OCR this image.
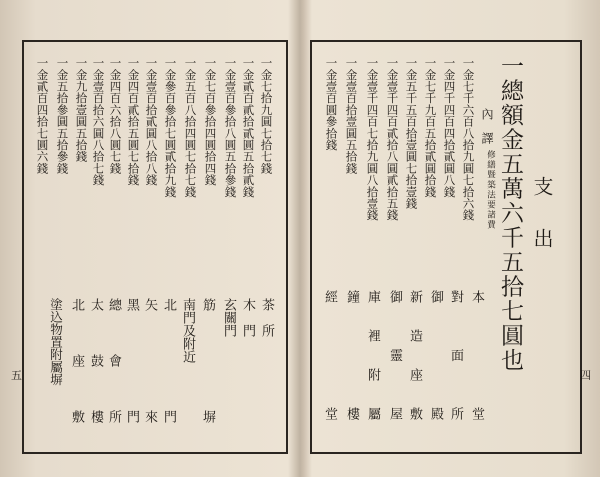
一金七拾九圓七拾七錢
一金貳百貳拾貳圓五拾貳錢
一金壹百參拾八圓五拾參錢
一金七百參拾四圓拾四錢
一金五百八拾四圓七拾七錢
一金參百參拾七圓貳拾九錢
一金壹百拾貳圓八拾八錢
一金四百貳拾五圓七拾錢
一金四百六拾八圓七錢
一金壹百拾六圓八拾七錢
一金九拾壹圓五拾錢
一金五拾參圓五拾參錢
一金貳百四拾七圓六錢
茶　所
木　門
玄關門
筋　塀
南門及附近
北　門
矢　來
黑　門
總會所
太鼓樓
北座敷
塗込物置附屬塀
五
支　出
一總額金五萬六千五拾七圓也
內　譯
修繕暨築法要諸費
一金七千六百八拾九圓七拾六錢
一金四千四百四拾貳圓八錢
一金七千九百五拾貳圓拾錢
一金五千五百拾壹圓七拾壹錢
一金壹千四百貳拾八圓貳拾五錢
一金壹千四百七拾九圓八拾壹錢
一金壹百拾壹圓五拾錢
一金壹百圓參拾錢
本　堂
對面所
御　殿
新造座敷
御靈屋
庫裡附屬
鐘　樓
經　堂	四
